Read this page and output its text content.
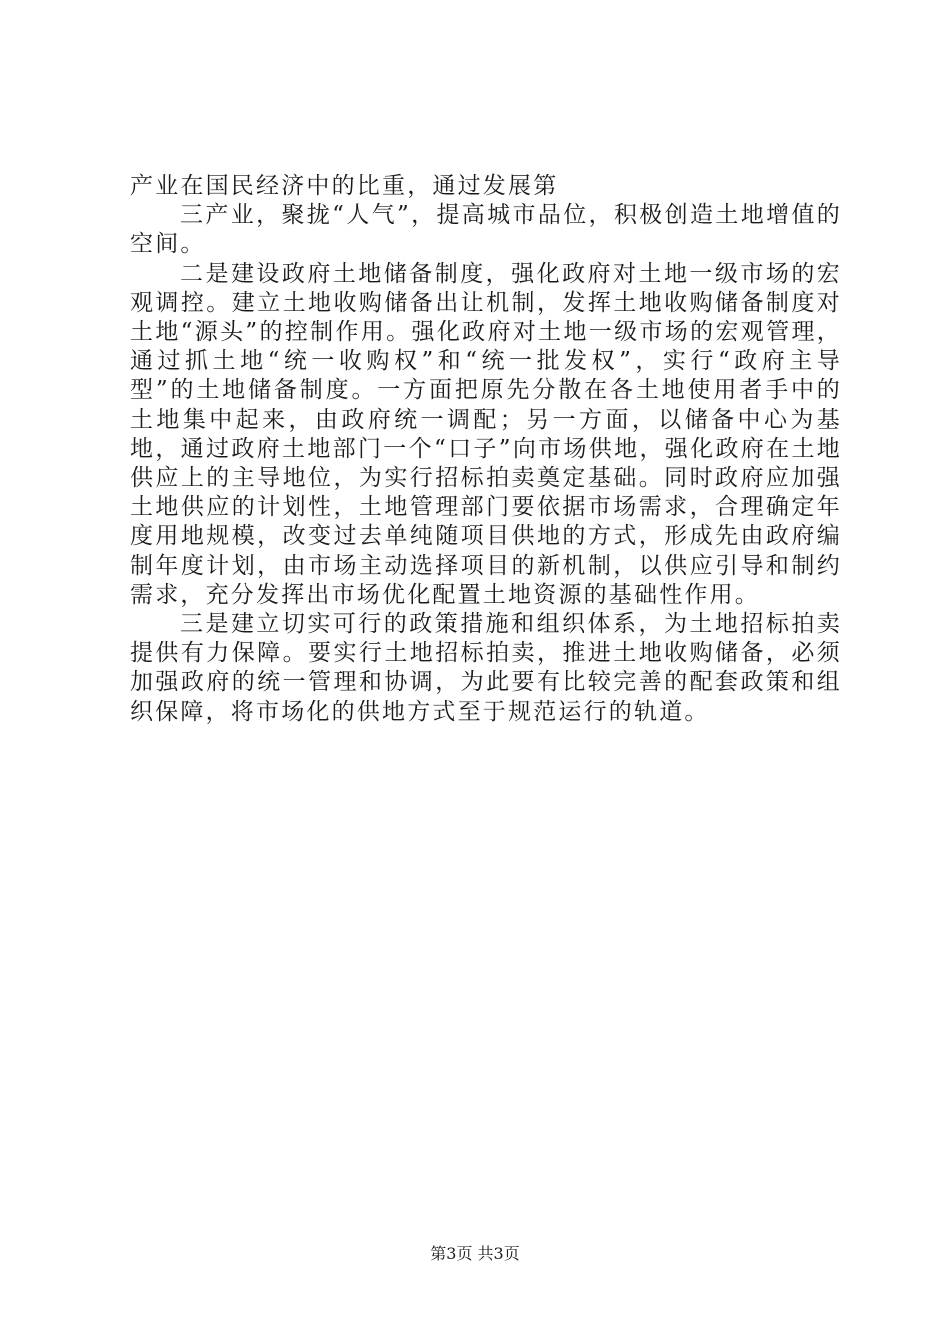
产业在国民经济中的比重，通过发展第

三产业，聚拢“人气”，提高城市品位，积极创造土地增值的空间。

二是建设政府土地储备制度，强化政府对土地一级市场的宏观调控。建立土地收购储备出让机制，发挥土地收购储备制度对土地“源头”的控制作用。强化政府对土地一级市场的宏观管理，通过抓土地“统一收购权”和“统一批发权”，实行“政府主导型”的土地储备制度。一方面把原先分散在各土地使用者手中的土地集中起来，由政府统一调配；另一方面，以储备中心为基地，通过政府土地部门一个“口子”向市场供地，强化政府在土地供应上的主导地位，为实行招标拍卖奠定基础。同时政府应加强土地供应的计划性，土地管理部门要依据市场需求，合理确定年度用地规模，改变过去单纯随项目供地的方式，形成先由政府编制年度计划，由市场主动选择项目的新机制，以供应引导和制约需求，充分发挥出市场优化配置土地资源的基础性作用。

三是建立切实可行的政策措施和组织体系，为土地招标拍卖提供有力保障。要实行土地招标拍卖，推进土地收购储备，必须加强政府的统一管理和协调，为此要有比较完善的配套政策和组织保障，将市场化的供地方式至于规范运行的轨道。

第3页 共3页
